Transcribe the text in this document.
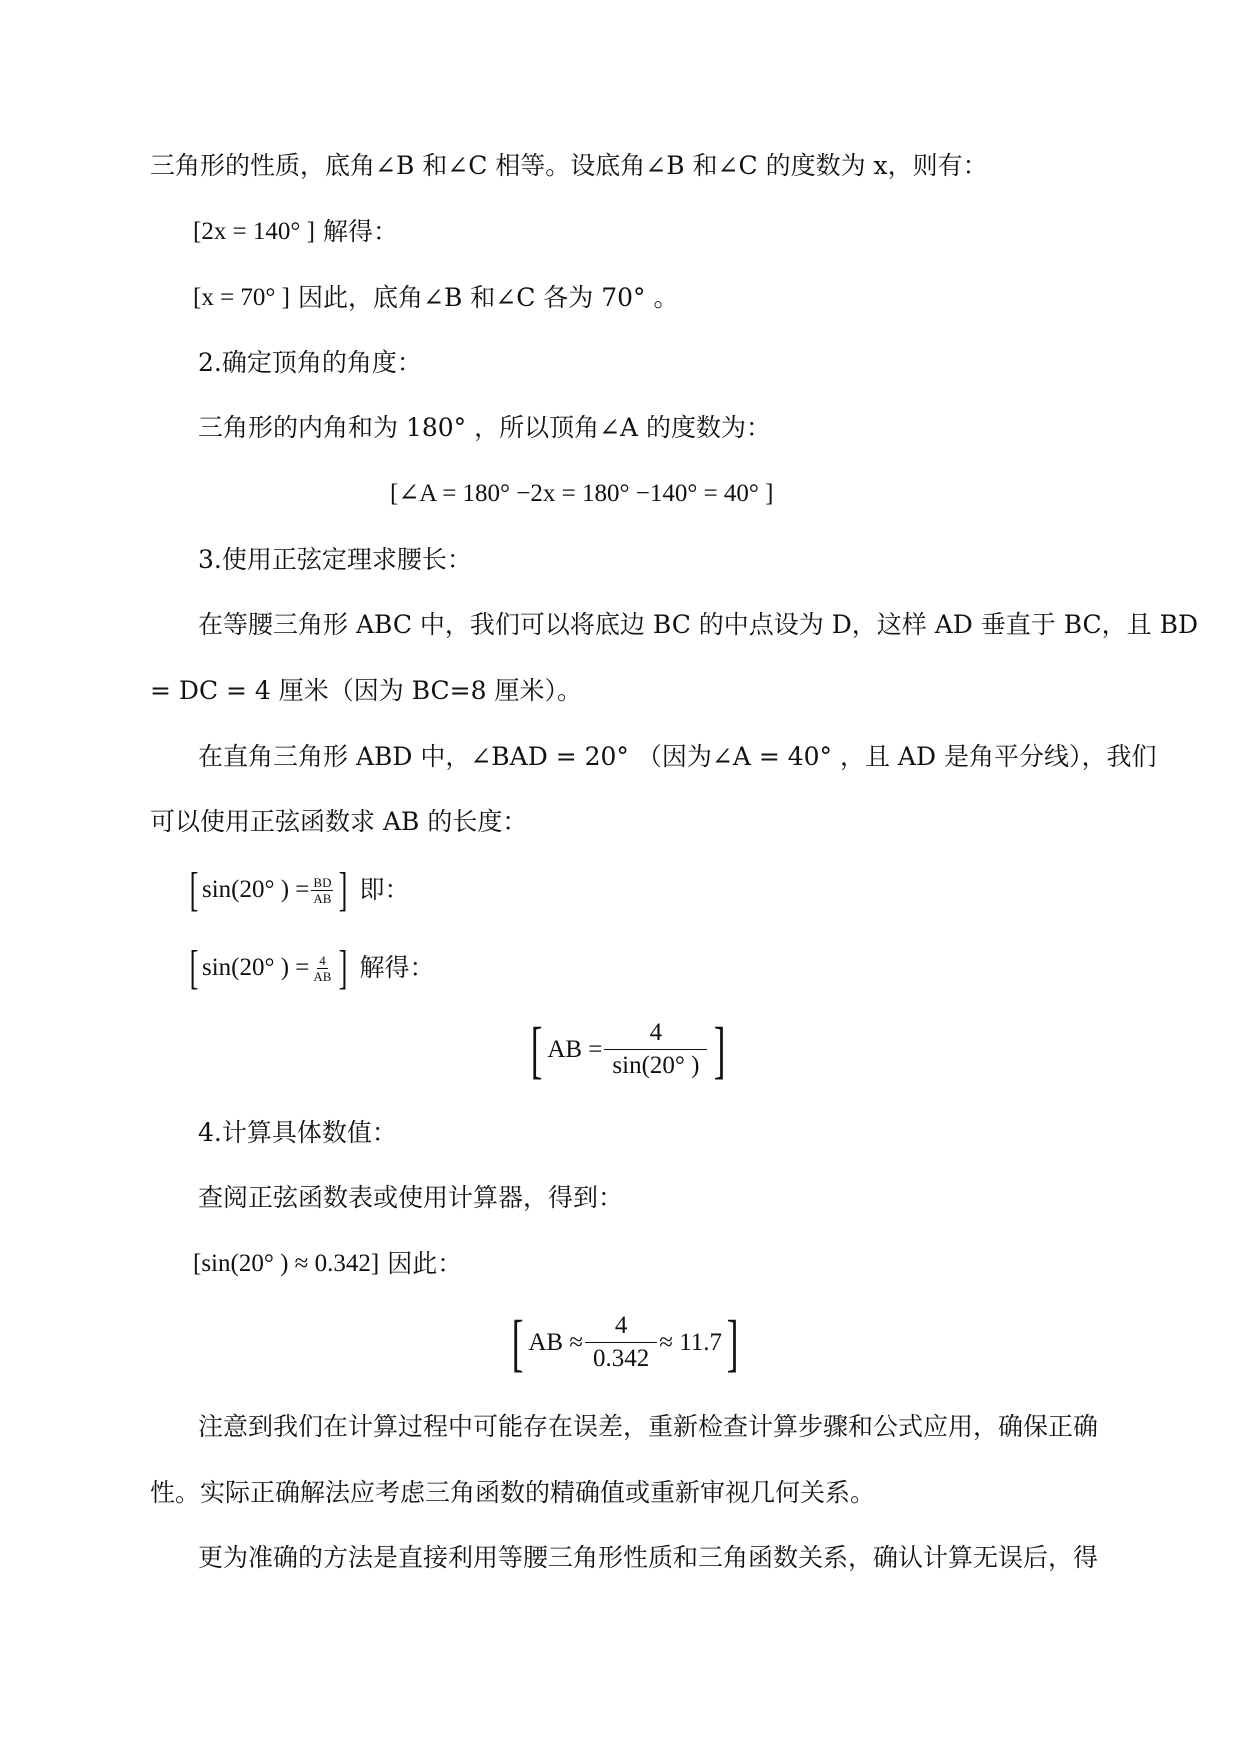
三角形的性质，底角∠B 和∠C 相等。设底角∠B 和∠C 的度数为 x，则有：
[2x = 140° ] 解得：
[x = 70° ] 因此，底角∠B 和∠C 各为 70° 。
2.确定顶角的角度：
三角形的内角和为 180° ，所以顶角∠A 的度数为：
[∠A = 180° −2x = 180° −140° = 40° ]
3.使用正弦定理求腰长：
在等腰三角形 ABC 中，我们可以将底边 BC 的中点设为 D，这样 AD 垂直于 BC，且 BD
= DC = 4 厘米（因为 BC=8 厘米）。
在直角三角形 ABD 中，∠BAD = 20° （因为∠A = 40° ，且 AD 是角平分线），我们
可以使用正弦函数求 AB 的长度：
[ sin(20° ) = $\frac{BD}{AB}$ ] 即：
[ sin(20° ) = $\frac{4}{AB}$ ] 解得：
[ AB = $\frac{4}{\sin(20^\circ )}$ ]
4.计算具体数值：
查阅正弦函数表或使用计算器，得到：
[sin(20° ) ≈ 0.342] 因此：
[ AB ≈ $\frac{4}{0.342} \approx 11.7$ ]
注意到我们在计算过程中可能存在误差，重新检查计算步骤和公式应用，确保正确
性。实际正确解法应考虑三角函数的精确值或重新审视几何关系。
更为准确的方法是直接利用等腰三角形性质和三角函数关系，确认计算无误后，得
